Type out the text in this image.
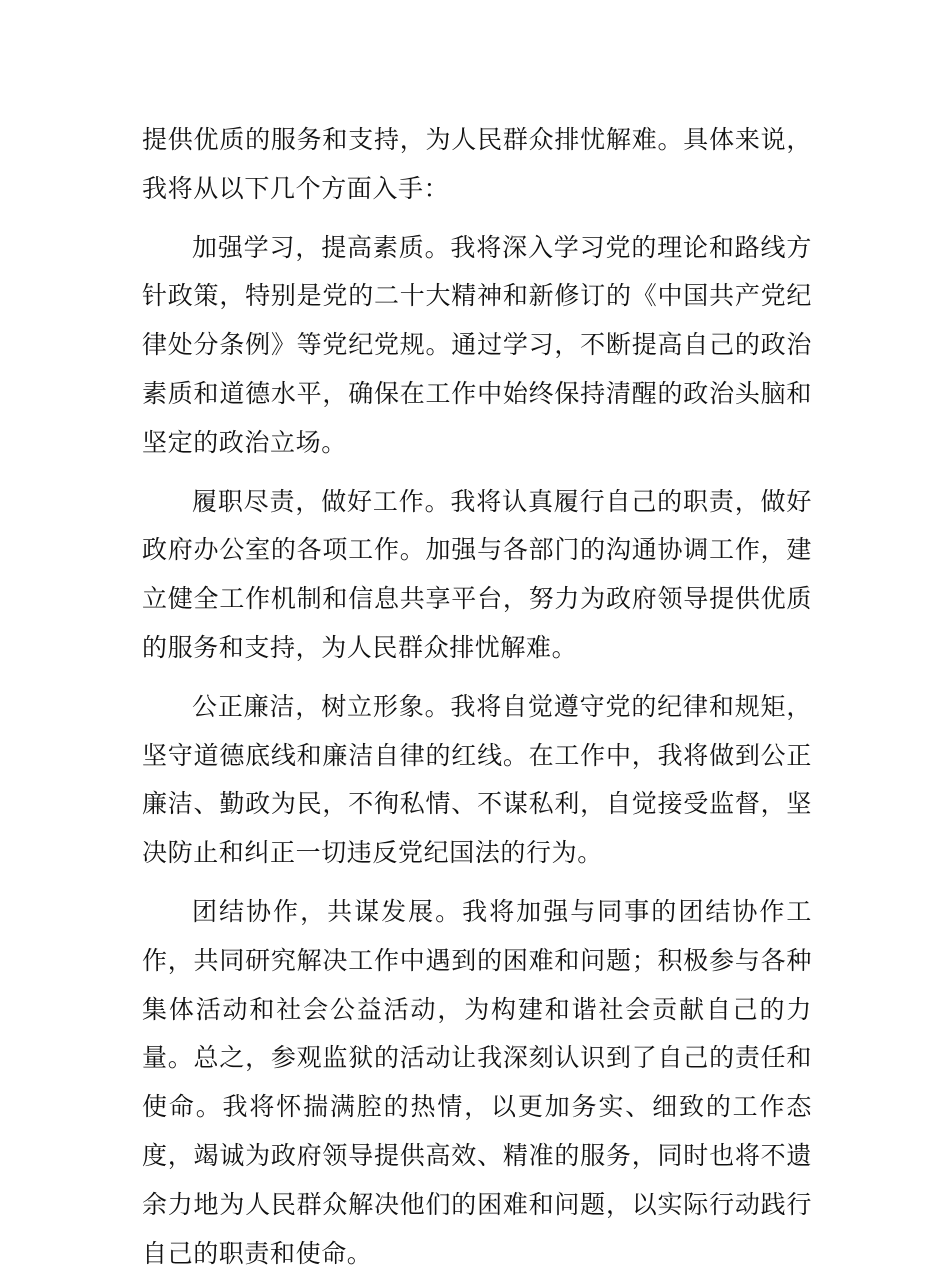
提供优质的服务和支持，为人民群众排忧解难。具体来说，我将从以下几个方面入手：

加强学习，提高素质。我将深入学习党的理论和路线方针政策，特别是党的二十大精神和新修订的《中国共产党纪律处分条例》等党纪党规。通过学习，不断提高自己的政治素质和道德水平，确保在工作中始终保持清醒的政治头脑和坚定的政治立场。

履职尽责，做好工作。我将认真履行自己的职责，做好政府办公室的各项工作。加强与各部门的沟通协调工作，建立健全工作机制和信息共享平台，努力为政府领导提供优质的服务和支持，为人民群众排忧解难。

公正廉洁，树立形象。我将自觉遵守党的纪律和规矩，坚守道德底线和廉洁自律的红线。在工作中，我将做到公正廉洁、勤政为民，不徇私情、不谋私利，自觉接受监督，坚决防止和纠正一切违反党纪国法的行为。

团结协作，共谋发展。我将加强与同事的团结协作工作，共同研究解决工作中遇到的困难和问题；积极参与各种集体活动和社会公益活动，为构建和谐社会贡献自己的力量。总之，参观监狱的活动让我深刻认识到了自己的责任和使命。我将怀揣满腔的热情，以更加务实、细致的工作态度，竭诚为政府领导提供高效、精准的服务，同时也将不遗余力地为人民群众解决他们的困难和问题，以实际行动践行自己的职责和使命。
